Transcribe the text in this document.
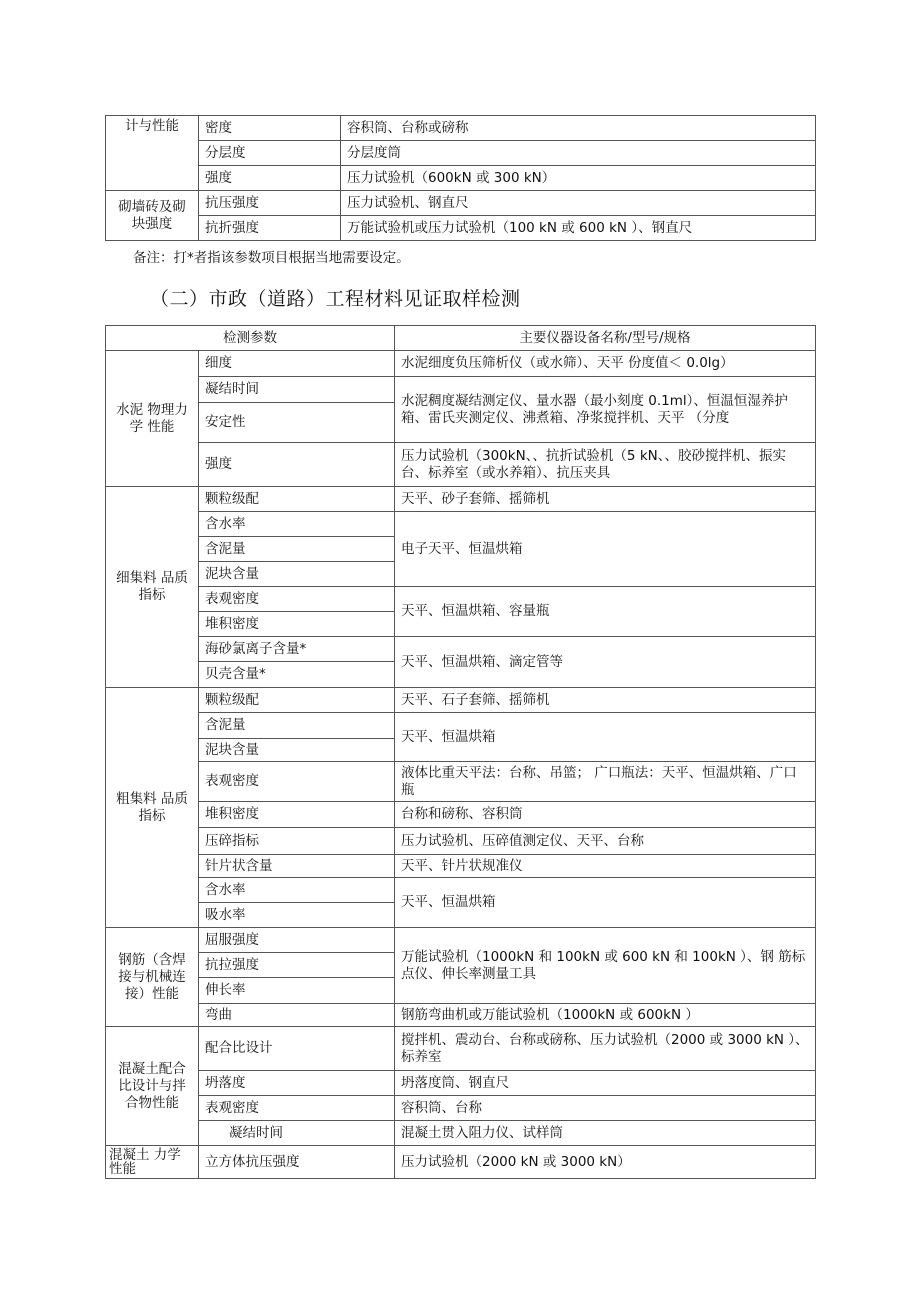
计与性能	密度	容积筒、台称或磅称
	分层度	分层度筒
	强度	压力试验机（600kN 或 300 kN）
砌墙砖及砌块强度	抗压强度	压力试验机、钢直尺
	抗折强度	万能试验机或压力试验机（100 kN 或 600 kN ）、钢直尺
备注：打*者指该参数项目根据当地需要设定。
（二）市政（道路）工程材料见证取样检测
检测参数		主要仪器设备名称/型号/规格
水泥 物理力学 性能	细度	水泥细度负压筛析仪（或水筛）、天平 份度值＜ 0.0lg）
	凝结时间	水泥稠度凝结测定仪、量水器（最小刻度 0.1ml）、恒温恒湿养护箱、雷氏夹测定仪、沸煮箱、净浆搅拌机、天平 （分度
	安定性	
	强度	压力试验机（300kN、、抗折试验机（5 kN、、胶砂搅拌机、振实台、标养室（或水养箱）、抗压夹具
细集料 品质指标	颗粒级配	天平、砂子套筛、摇筛机
	含水率	电子天平、恒温烘箱
	含泥量	
	泥块含量	
	表观密度	天平、恒温烘箱、容量瓶
	堆积密度	
	海砂氯离子含量*	天平、恒温烘箱、滴定管等
	贝壳含量*	
粗集料 品质指标	颗粒级配	天平、石子套筛、摇筛机
	含泥量	天平、恒温烘箱
	泥块含量	
	表观密度	液体比重天平法：台称、吊篮； 广口瓶法：天平、恒温烘箱、广口瓶
	堆积密度	台称和磅称、容积筒
	压碎指标	压力试验机、压碎值测定仪、天平、台称
	针片状含量	天平、针片状规准仪
	含水率	天平、恒温烘箱
	吸水率	
钢筋（含焊接与机械连接）性能	屈服强度	万能试验机（1000kN 和 100kN 或 600 kN 和 100kN ）、钢 筋标点仪、伸长率测量工具
	抗拉强度	
	伸长率	
	弯曲	钢筋弯曲机或万能试验机（1000kN 或 600kN ）
混凝土配合比设计与拌合物性能	配合比设计	搅拌机、震动台、台称或磅称、压力试验机（2000 或 3000 kN ）、标养室
	坍落度	坍落度筒、钢直尺
	表观密度	容积筒、台称
	凝结时间	混凝土贯入阻力仪、试样筒
混凝土 力学性能	立方体抗压强度	压力试验机（2000 kN 或 3000 kN）
